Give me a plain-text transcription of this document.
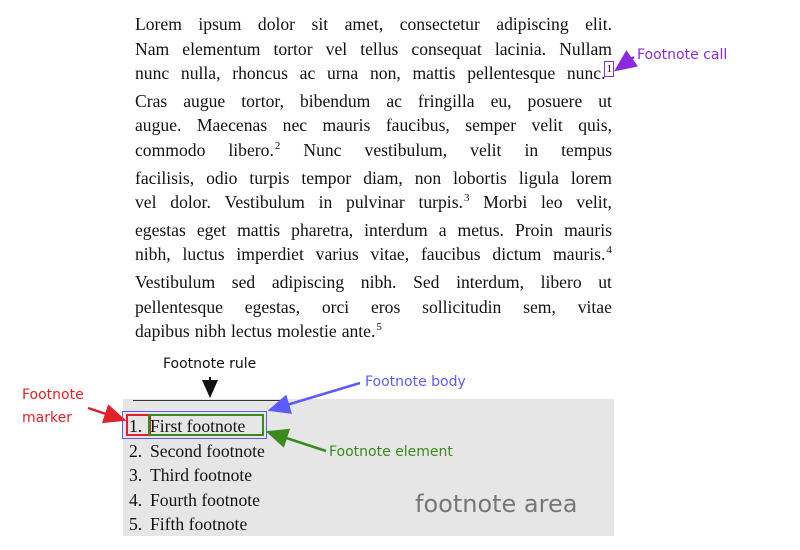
Lorem ipsum dolor sit amet, consectetur adipiscing elit.
Nam elementum tortor vel tellus consequat lacinia. Nullam
nunc nulla, rhoncus ac urna non, mattis pellentesque nunc.$^1$
Cras augue tortor, bibendum ac fringilla eu, posuere ut
augue. Maecenas nec mauris faucibus, semper velit quis,
commodo libero.$^2$ Nunc vestibulum, velit in tempus
facilisis, odio turpis tempor diam, non lobortis ligula lorem
vel dolor. Vestibulum in pulvinar turpis.$^3$ Morbi leo velit,
egestas eget mattis pharetra, interdum a metus. Proin mauris
nibh, luctus imperdiet varius vitae, faucibus dictum mauris.$^4$
Vestibulum sed adipiscing nibh. Sed interdum, libero ut
pellentesque egestas, orci eros sollicitudin sem, vitae
dapibus nibh lectus molestie ante.$^5$
1. First footnote
2. Second footnote
3. Third footnote
4. Fourth footnote
5. Fifth footnote
footnote area
Footnote call
Footnote rule
Footnote body
Footnote
marker
Footnote element
